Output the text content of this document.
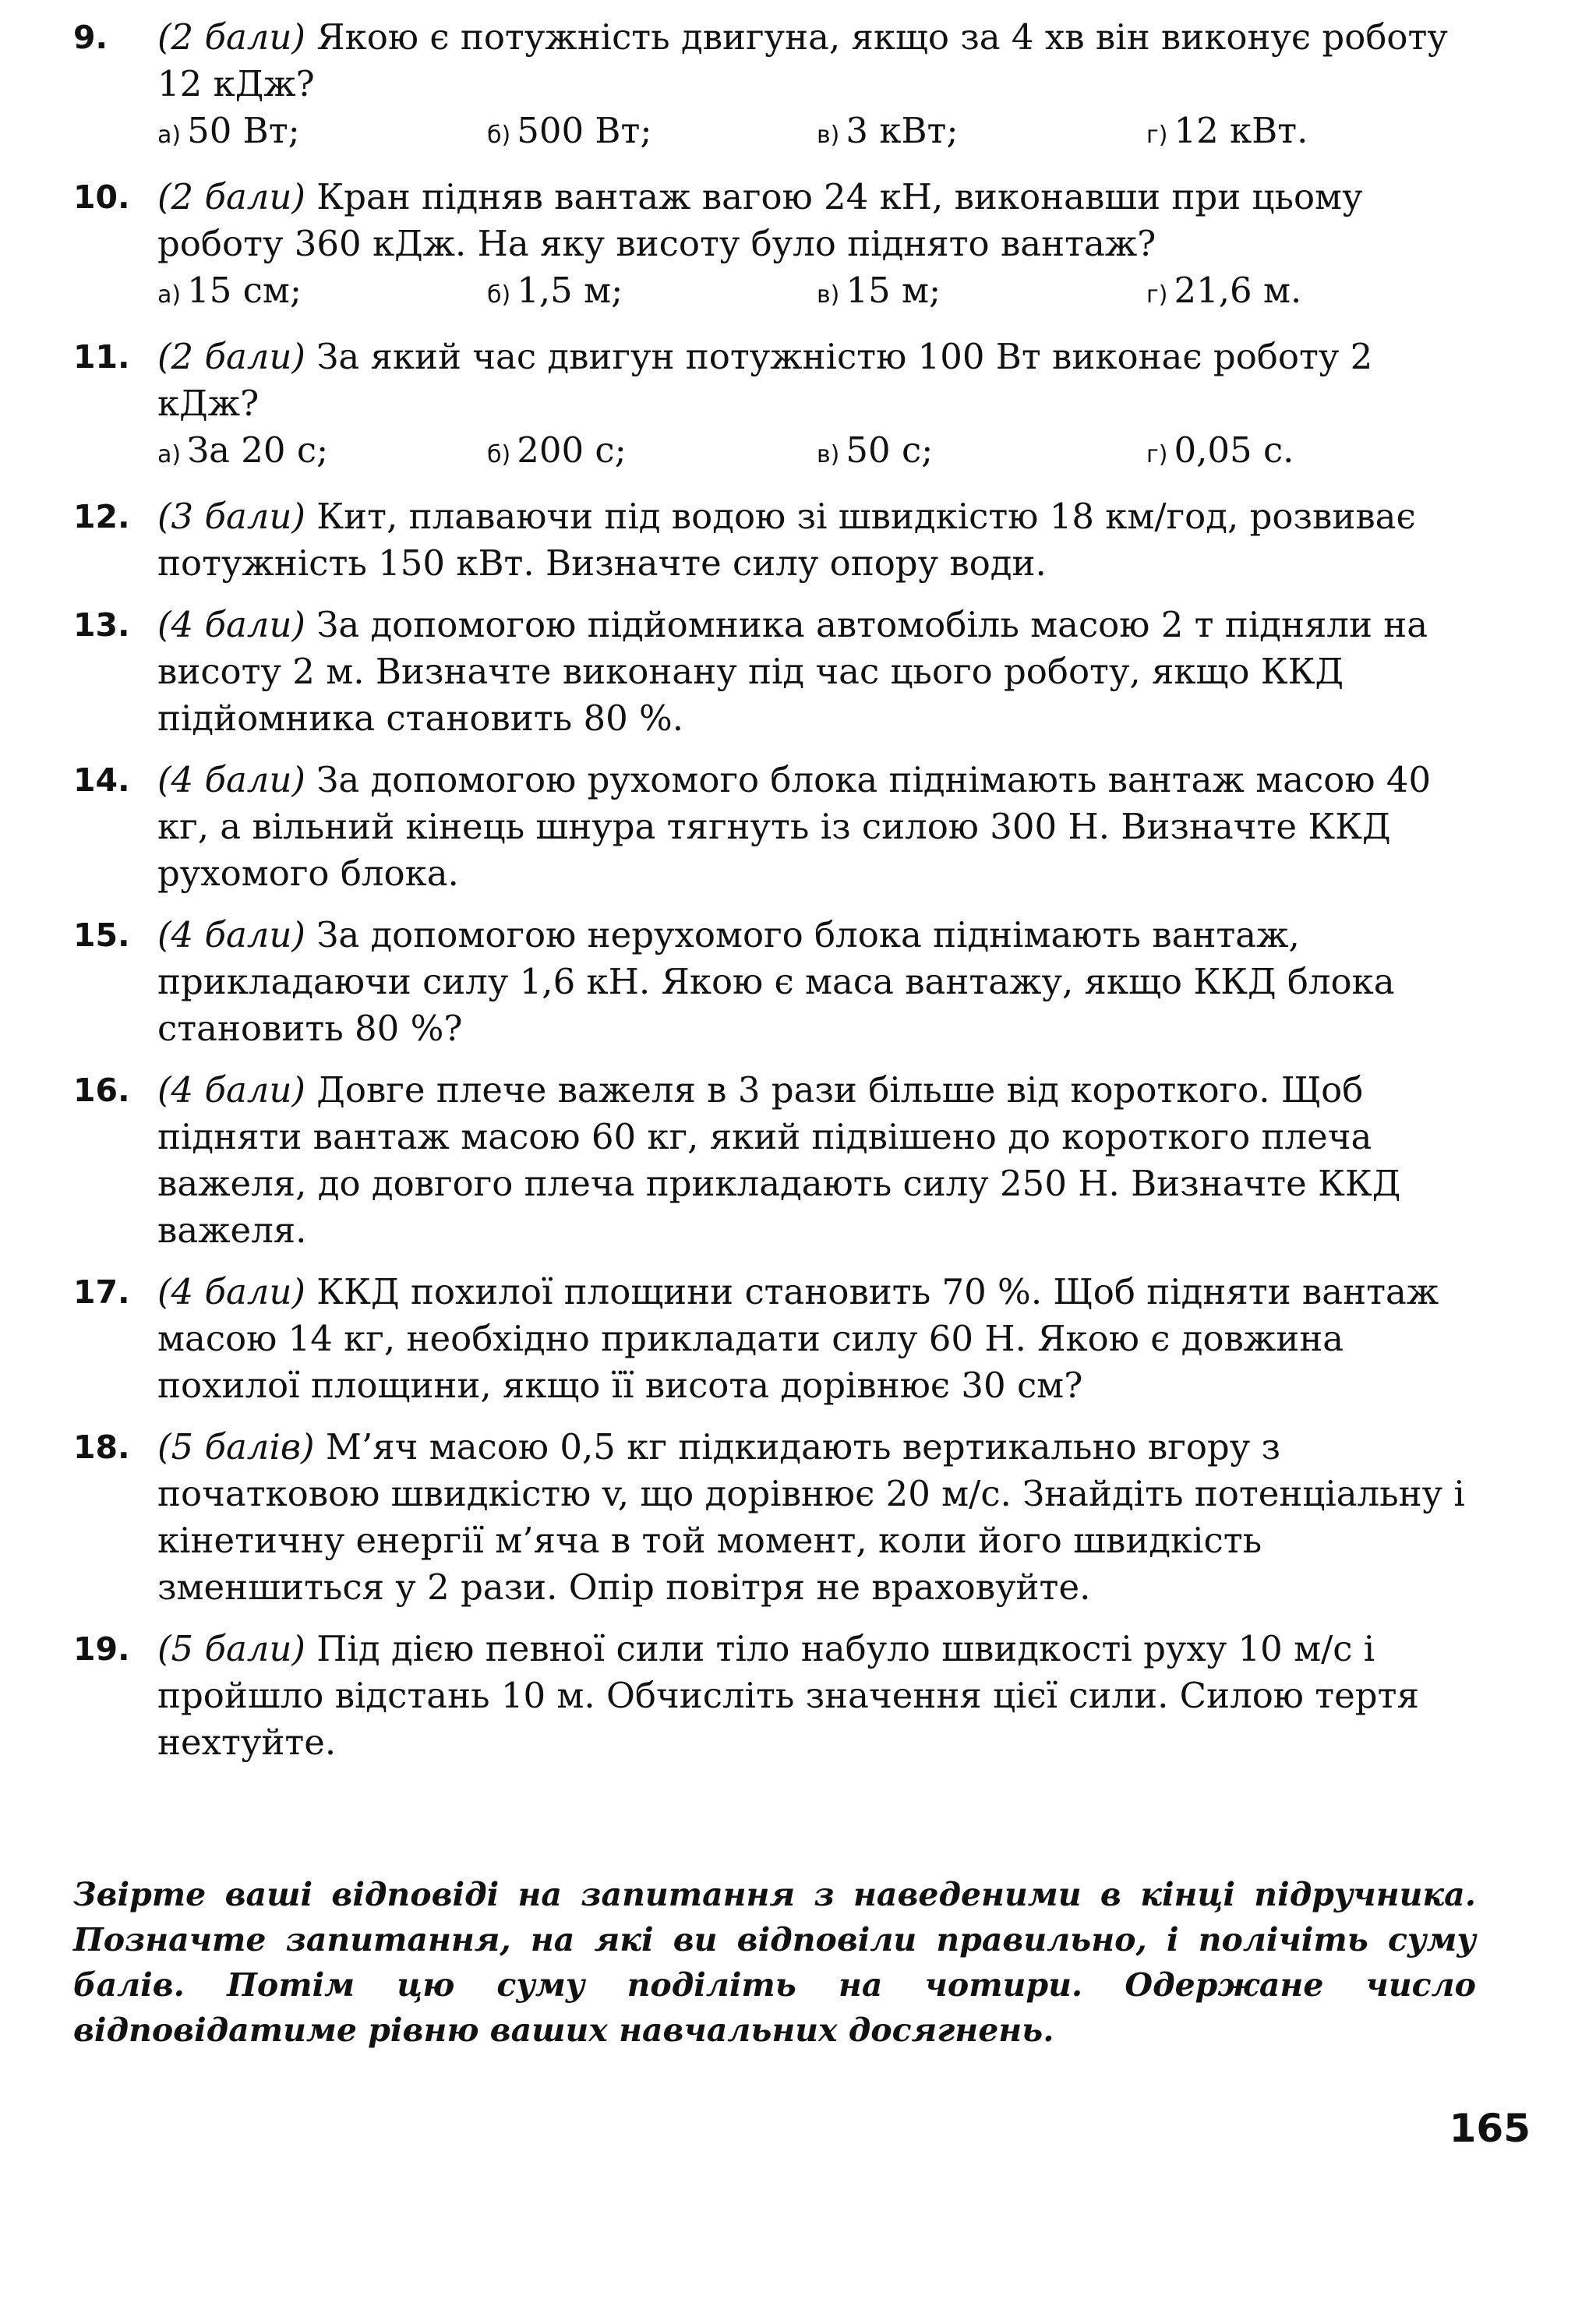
9. (2 бали) Якою є потужність двигуна, якщо за 4 хв він виконує роботу 12 кДж?
а) 50 Вт;	б) 500 Вт;	в) 3 кВт;	г) 12 кВт.
10. (2 бали) Кран підняв вантаж вагою 24 кН, виконавши при цьому роботу 360 кДж. На яку висоту було піднято вантаж?
а) 15 см;	б) 1,5 м;	в) 15 м;	г) 21,6 м.
11. (2 бали) За який час двигун потужністю 100 Вт виконає роботу 2 кДж?
а) За 20 с;	б) 200 с;	в) 50 с;	г) 0,05 с.
12. (3 бали) Кит, плаваючи під водою зі швидкістю 18 км/год, розвиває потужність 150 кВт. Визначте силу опору води.
13. (4 бали) За допомогою підйомника автомобіль масою 2 т підняли на висоту 2 м. Визначте виконану під час цього роботу, якщо ККД підйомника становить 80 %.
14. (4 бали) За допомогою рухомого блока піднімають вантаж масою 40 кг, а вільний кінець шнура тягнуть із силою 300 Н. Визначте ККД рухомого блока.
15. (4 бали) За допомогою нерухомого блока піднімають вантаж, прикладаючи силу 1,6 кН. Якою є маса вантажу, якщо ККД блока становить 80 %?
16. (4 бали) Довге плече важеля в 3 рази більше від короткого. Щоб підняти вантаж масою 60 кг, який підвішено до короткого плеча важеля, до довгого плеча прикладають силу 250 Н. Визначте ККД важеля.
17. (4 бали) ККД похилої площини становить 70 %. Щоб підняти вантаж масою 14 кг, необхідно прикладати силу 60 Н. Якою є довжина похилої площини, якщо її висота дорівнює 30 см?
18. (5 балів) М’яч масою 0,5 кг підкидають вертикально вгору з початковою швидкістю v, що дорівнює 20 м/с. Знайдіть потенціальну і кінетичну енергії м’яча в той момент, коли його швидкість зменшиться у 2 рази. Опір повітря не враховуйте.
19. (5 бали) Під дією певної сили тіло набуло швидкості руху 10 м/с і пройшло відстань 10 м. Обчисліть значення цієї сили. Силою тертя нехтуйте.
Звірте ваші відповіді на запитання з наведеними в кінці підручника. Позначте запитання, на які ви відповіли правильно, і полічіть суму балів. Потім цю суму поділіть на чотири. Одержане число відповідатиме рівню ваших навчальних досягнень.
165
